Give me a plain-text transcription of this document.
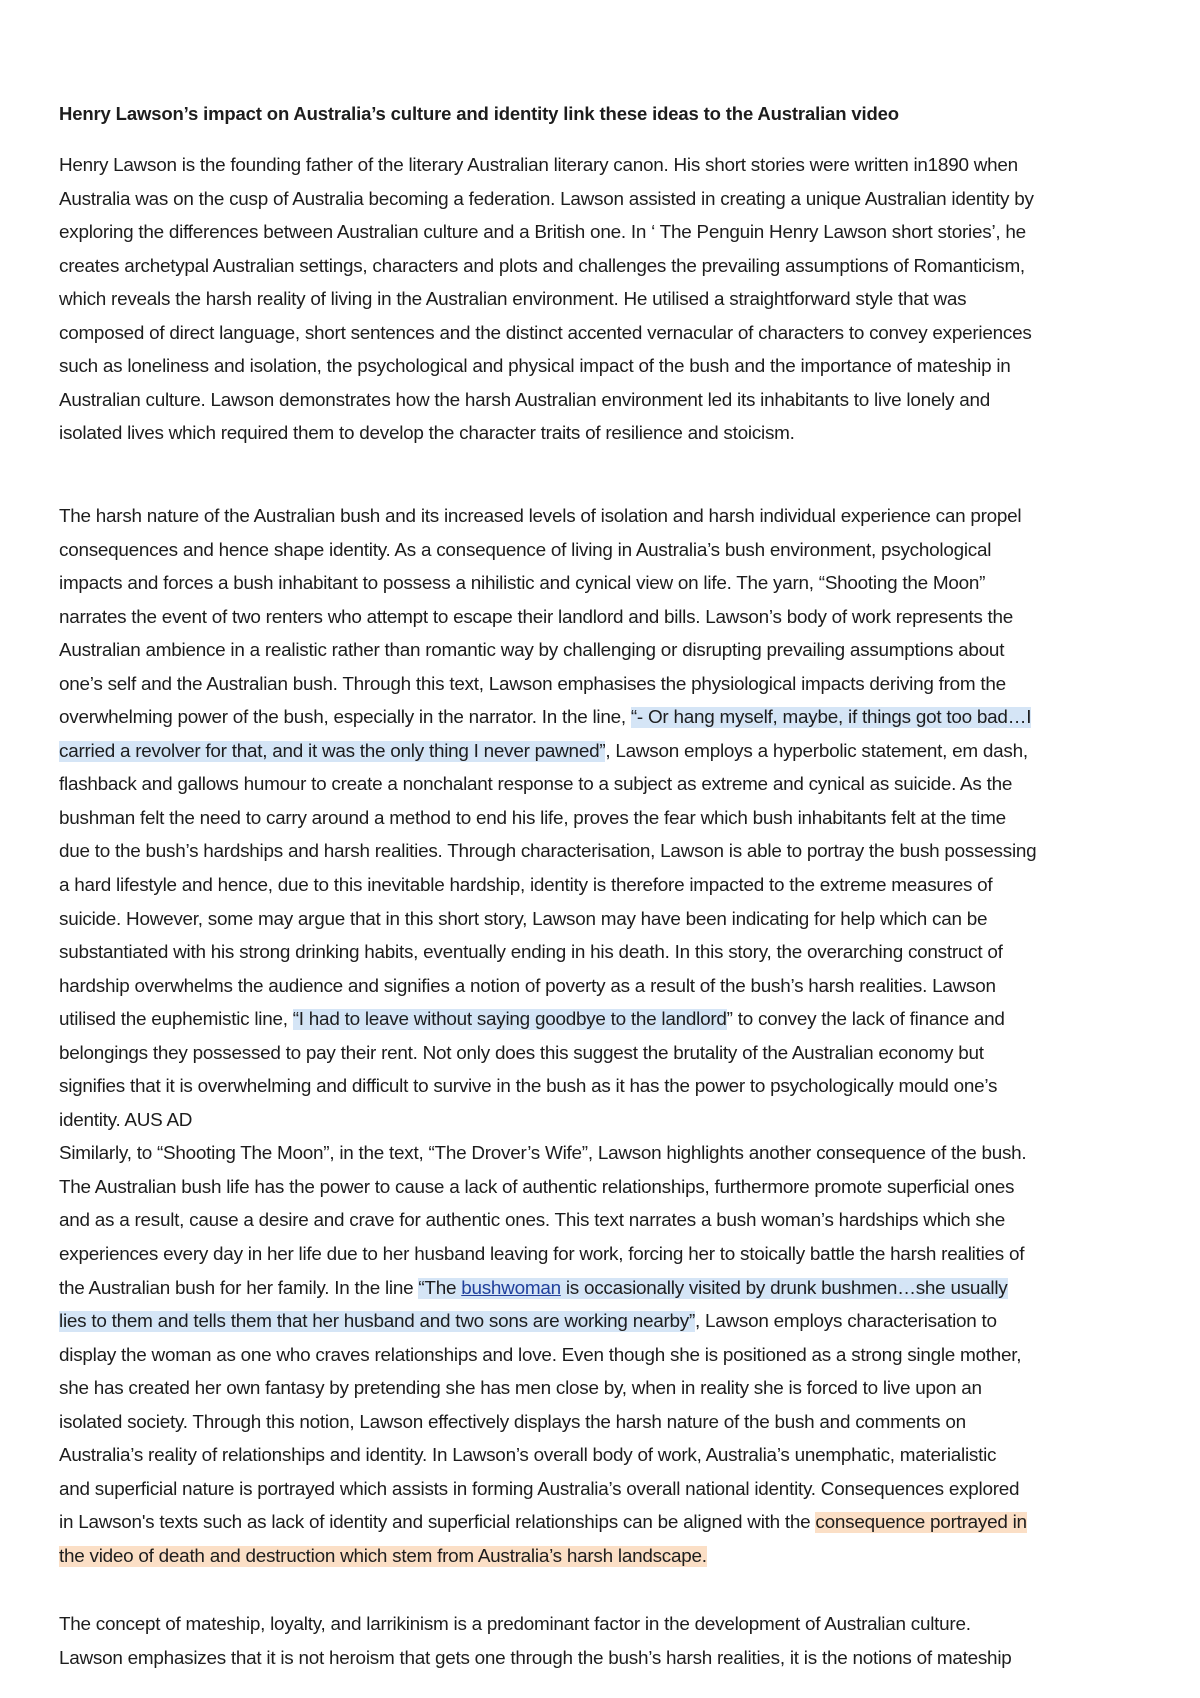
Henry Lawson’s impact on Australia’s culture and identity link these ideas to the Australian video
Henry Lawson is the founding father of the literary Australian literary canon. His short stories were written in1890 when
Australia was on the cusp of Australia becoming a federation. Lawson assisted in creating a unique Australian identity by
exploring the differences between Australian culture and a British one. In ‘ The Penguin Henry Lawson short stories’, he
creates archetypal Australian settings, characters and plots and challenges the prevailing assumptions of Romanticism,
which reveals the harsh reality of living in the Australian environment. He utilised a straightforward style that was
composed of direct language, short sentences and the distinct accented vernacular of characters to convey experiences
such as loneliness and isolation, the psychological and physical impact of the bush and the importance of mateship in
Australian culture. Lawson demonstrates how the harsh Australian environment led its inhabitants to live lonely and
isolated lives which required them to develop the character traits of resilience and stoicism.
The harsh nature of the Australian bush and its increased levels of isolation and harsh individual experience can propel
consequences and hence shape identity. As a consequence of living in Australia’s bush environment, psychological
impacts and forces a bush inhabitant to possess a nihilistic and cynical view on life. The yarn, “Shooting the Moon”
narrates the event of two renters who attempt to escape their landlord and bills. Lawson’s body of work represents the
Australian ambience in a realistic rather than romantic way by challenging or disrupting prevailing assumptions about
one’s self and the Australian bush. Through this text, Lawson emphasises the physiological impacts deriving from the
overwhelming power of the bush, especially in the narrator. In the line, “- Or hang myself, maybe, if things got too bad…I
carried a revolver for that, and it was the only thing I never pawned”, Lawson employs a hyperbolic statement, em dash,
flashback and gallows humour to create a nonchalant response to a subject as extreme and cynical as suicide. As the
bushman felt the need to carry around a method to end his life, proves the fear which bush inhabitants felt at the time
due to the bush’s hardships and harsh realities. Through characterisation, Lawson is able to portray the bush possessing
a hard lifestyle and hence, due to this inevitable hardship, identity is therefore impacted to the extreme measures of
suicide. However, some may argue that in this short story, Lawson may have been indicating for help which can be
substantiated with his strong drinking habits, eventually ending in his death. In this story, the overarching construct of
hardship overwhelms the audience and signifies a notion of poverty as a result of the bush’s harsh realities. Lawson
utilised the euphemistic line, “I had to leave without saying goodbye to the landlord” to convey the lack of finance and
belongings they possessed to pay their rent. Not only does this suggest the brutality of the Australian economy but
signifies that it is overwhelming and difficult to survive in the bush as it has the power to psychologically mould one’s
identity. AUS AD
Similarly, to “Shooting The Moon”, in the text, “The Drover’s Wife”, Lawson highlights another consequence of the bush.
The Australian bush life has the power to cause a lack of authentic relationships, furthermore promote superficial ones
and as a result, cause a desire and crave for authentic ones. This text narrates a bush woman’s hardships which she
experiences every day in her life due to her husband leaving for work, forcing her to stoically battle the harsh realities of
the Australian bush for her family. In the line “The bushwoman is occasionally visited by drunk bushmen…she usually
lies to them and tells them that her husband and two sons are working nearby”, Lawson employs characterisation to
display the woman as one who craves relationships and love. Even though she is positioned as a strong single mother,
she has created her own fantasy by pretending she has men close by, when in reality she is forced to live upon an
isolated society. Through this notion, Lawson effectively displays the harsh nature of the bush and comments on
Australia’s reality of relationships and identity. In Lawson’s overall body of work, Australia’s unemphatic, materialistic
and superficial nature is portrayed which assists in forming Australia’s overall national identity. Consequences explored
in Lawson's texts such as lack of identity and superficial relationships can be aligned with the consequence portrayed in
the video of death and destruction which stem from Australia’s harsh landscape.
The concept of mateship, loyalty, and larrikinism is a predominant factor in the development of Australian culture.
Lawson emphasizes that it is not heroism that gets one through the bush’s harsh realities, it is the notions of mateship
